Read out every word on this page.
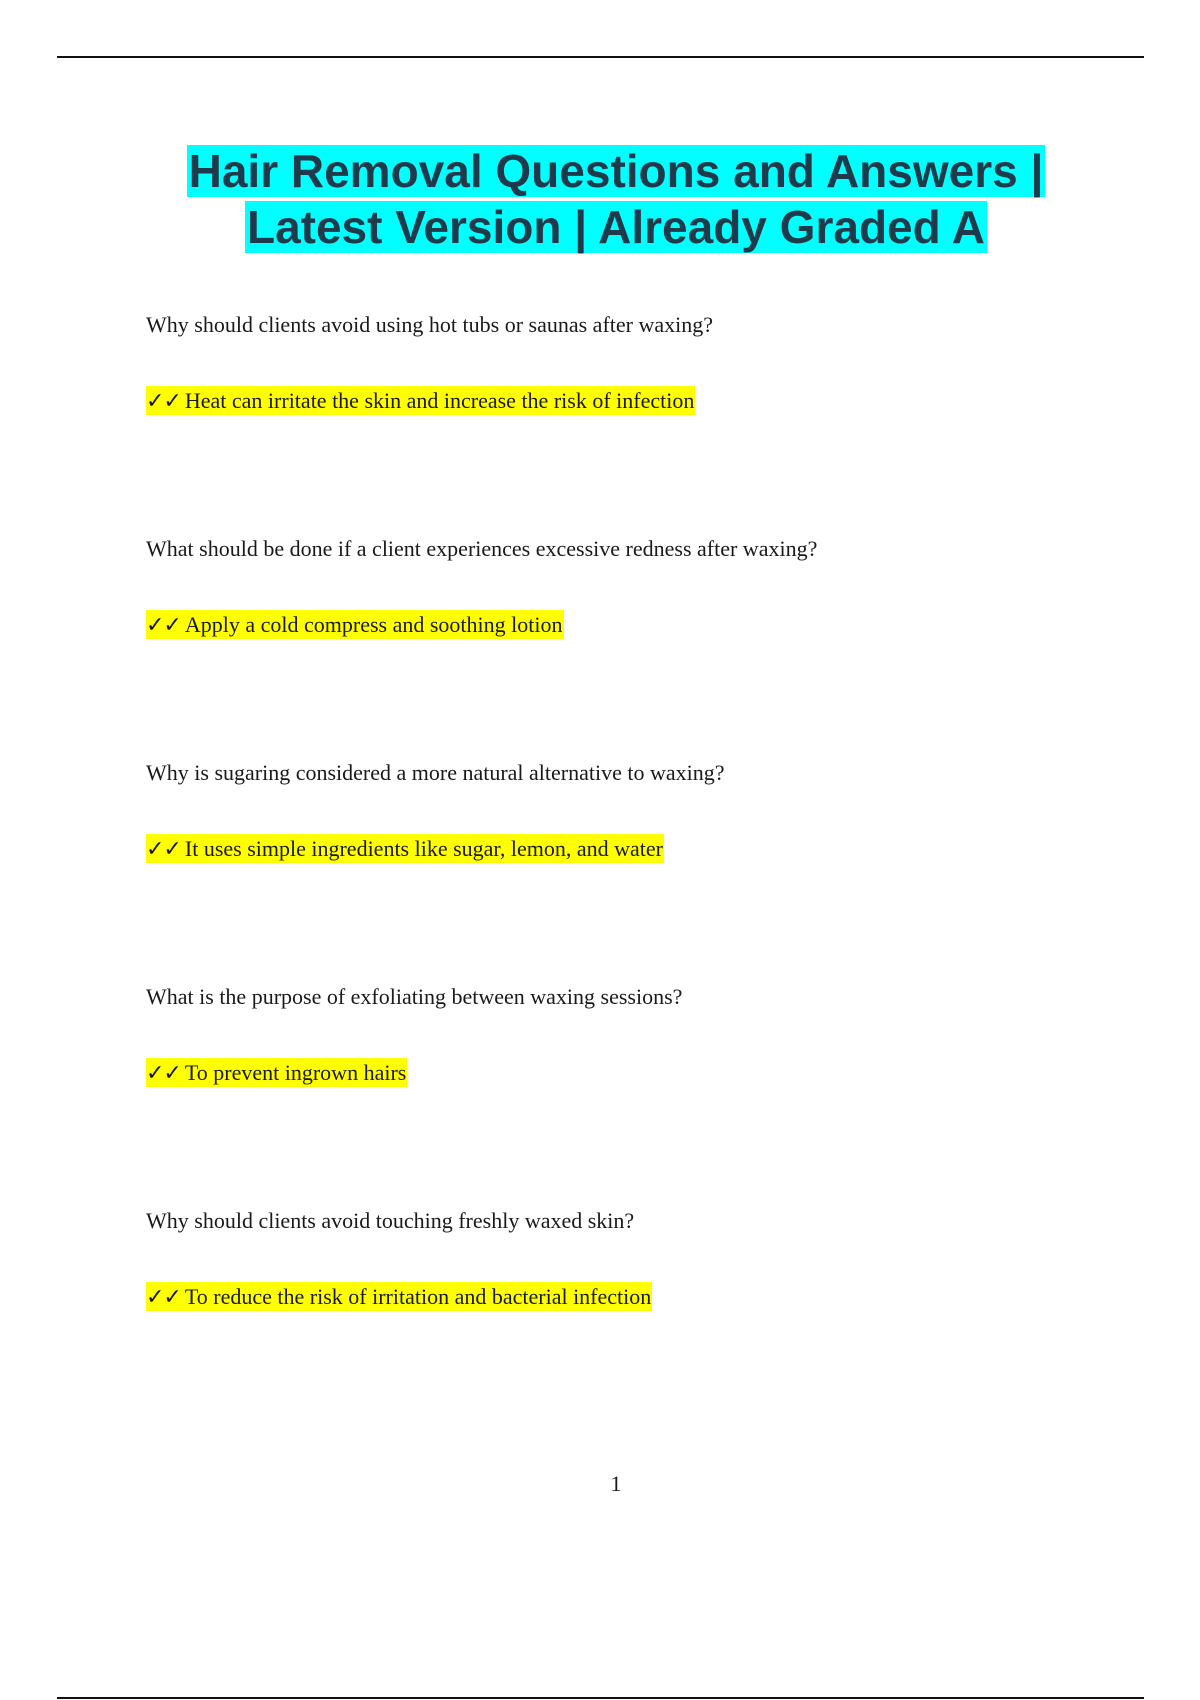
Hair Removal Questions and Answers |
Latest Version | Already Graded A
Why should clients avoid using hot tubs or saunas after waxing?
✓✓ Heat can irritate the skin and increase the risk of infection
What should be done if a client experiences excessive redness after waxing?
✓✓ Apply a cold compress and soothing lotion
Why is sugaring considered a more natural alternative to waxing?
✓✓ It uses simple ingredients like sugar, lemon, and water
What is the purpose of exfoliating between waxing sessions?
✓✓ To prevent ingrown hairs
Why should clients avoid touching freshly waxed skin?
✓✓ To reduce the risk of irritation and bacterial infection
1
